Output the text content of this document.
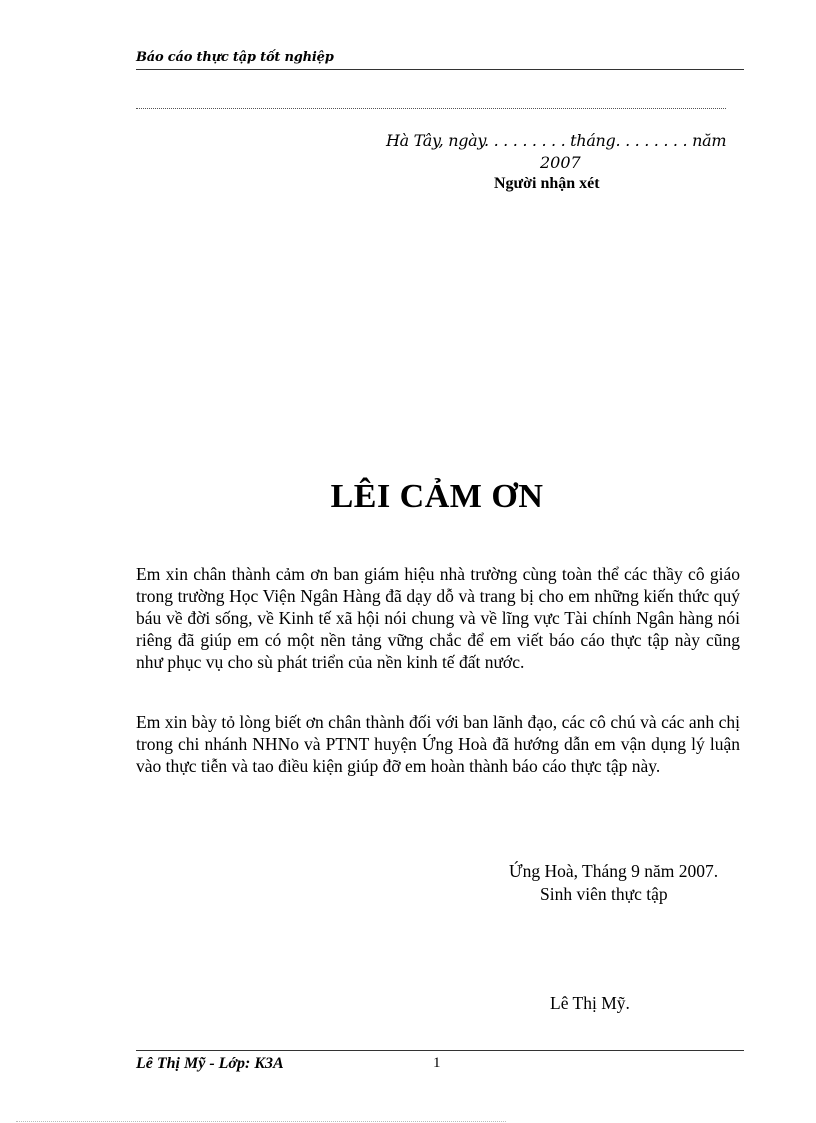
Báo cáo thực tập tốt nghiệp
Hà Tây, ngày. . . . . . . . . tháng. . . . . . . . năm
2007
Người nhận xét
LÊI CẢM ƠN
Em xin chân thành cảm ơn ban giám hiệu nhà trường cùng toàn thể các thầy cô giáo trong trường Học Viện Ngân Hàng đã dạy dỗ và trang bị cho em những kiến thức quý báu về đời sống, về Kinh tế xã hội nói chung và về lĩng vực Tài chính Ngân hàng nói riêng đã giúp em có một nền tảng vững chắc để em viết báo cáo thực tập này cũng như phục vụ cho sù phát triển của nền kinh tế đất nước.
Em xin bày tỏ lòng biết ơn chân thành đối với ban lãnh đạo, các cô chú và các anh chị trong chi nhánh NHNo và PTNT huyện Ứng Hoà đã hướng dẫn em vận dụng lý luận vào thực tiễn và tao điều kiện giúp đỡ em hoàn thành báo cáo thực tập này.
Ứng Hoà, Tháng 9 năm 2007.
Sinh viên thực tập
Lê Thị Mỹ.
Lê Thị Mỹ - Lớp: K3A	1
